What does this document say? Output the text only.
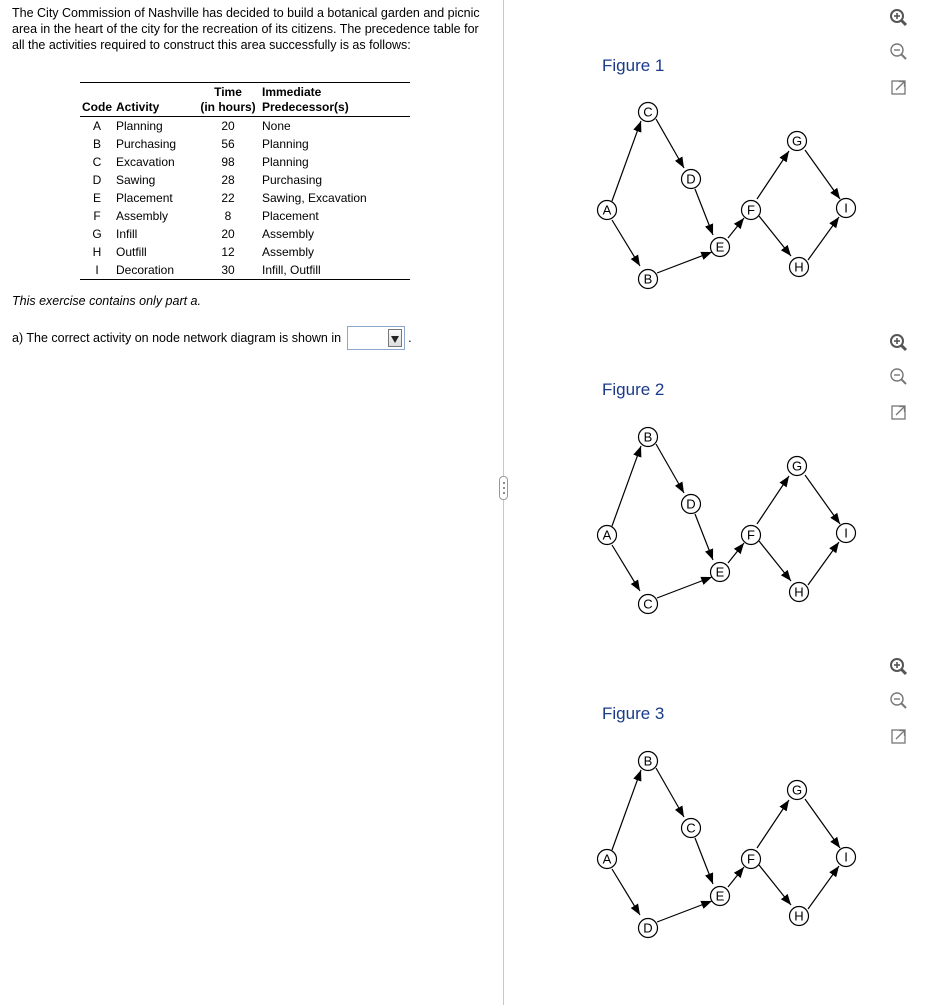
The City Commission of Nashville has decided to build a botanical garden and picnic area in the heart of the city for the recreation of its citizens. The precedence table for all the activities required to construct this area successfully is as follows:
		Time	Immediate
Code	Activity	(in hours)	Predecessor(s)
A	Planning	20	None
B	Purchasing	56	Planning
C	Excavation	98	Planning
D	Sawing	28	Purchasing
E	Placement	22	Sawing, Excavation
F	Assembly	8	Placement
G	Infill	20	Assembly
H	Outfill	12	Assembly
I	Decoration	30	Infill, Outfill
This exercise contains only part a.
a) The correct activity on node network diagram is shown in	.
Figure 1
C
A
B
D
E
F
G
H
I
Figure 2
B
A
C
D
E
F
G
H
I
Figure 3
B
A
D
C
E
F
G
H
I
